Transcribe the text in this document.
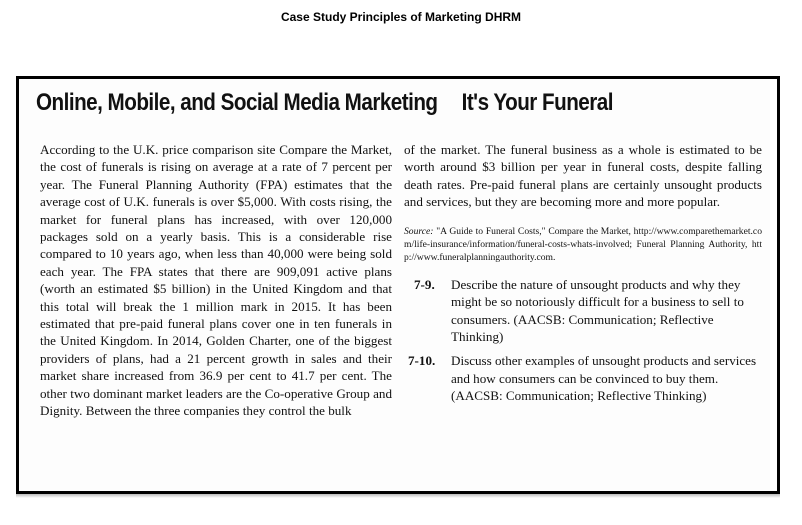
Case Study Principles of Marketing DHRM
Online, Mobile, and Social Media Marketing It's Your Funeral

According to the U.K. price comparison site Compare the Market, the cost of funerals is rising on average at a rate of 7 percent per year. The Funeral Planning Authority (FPA) estimates that the average cost of U.K. funerals is over $5,000. With costs rising, the market for funeral plans has increased, with over 120,000 packages sold on a yearly basis. This is a considerable rise compared to 10 years ago, when less than 40,000 were being sold each year. The FPA states that there are 909,091 active plans (worth an estimated $5 billion) in the United Kingdom and that this total will break the 1 million mark in 2015. It has been estimated that pre-paid funeral plans cover one in ten funerals in the United Kingdom. In 2014, Golden Charter, one of the biggest providers of plans, had a 21 percent growth in sales and their market share increased from 36.9 per cent to 41.7 per cent. The other two dominant market leaders are the Co-operative Group and Dignity. Between the three companies they control the bulk

of the market. The funeral business as a whole is estimated to be worth around $3 billion per year in funeral costs, despite falling death rates. Pre-paid funeral plans are certainly unsought products and services, but they are becoming more and more popular.

Source: "A Guide to Funeral Costs," Compare the Market, http://www.comparethemarket.com/life-insurance/information/funeral-costs-whats-involved; Funeral Planning Authority, http://www.funeralplanningauthority.com.

7-9. Describe the nature of unsought products and why they might be so notoriously difficult for a business to sell to consumers. (AACSB: Communication; Reflective Thinking)
7-10. Discuss other examples of unsought products and services and how consumers can be convinced to buy them. (AACSB: Communication; Reflective Thinking)
